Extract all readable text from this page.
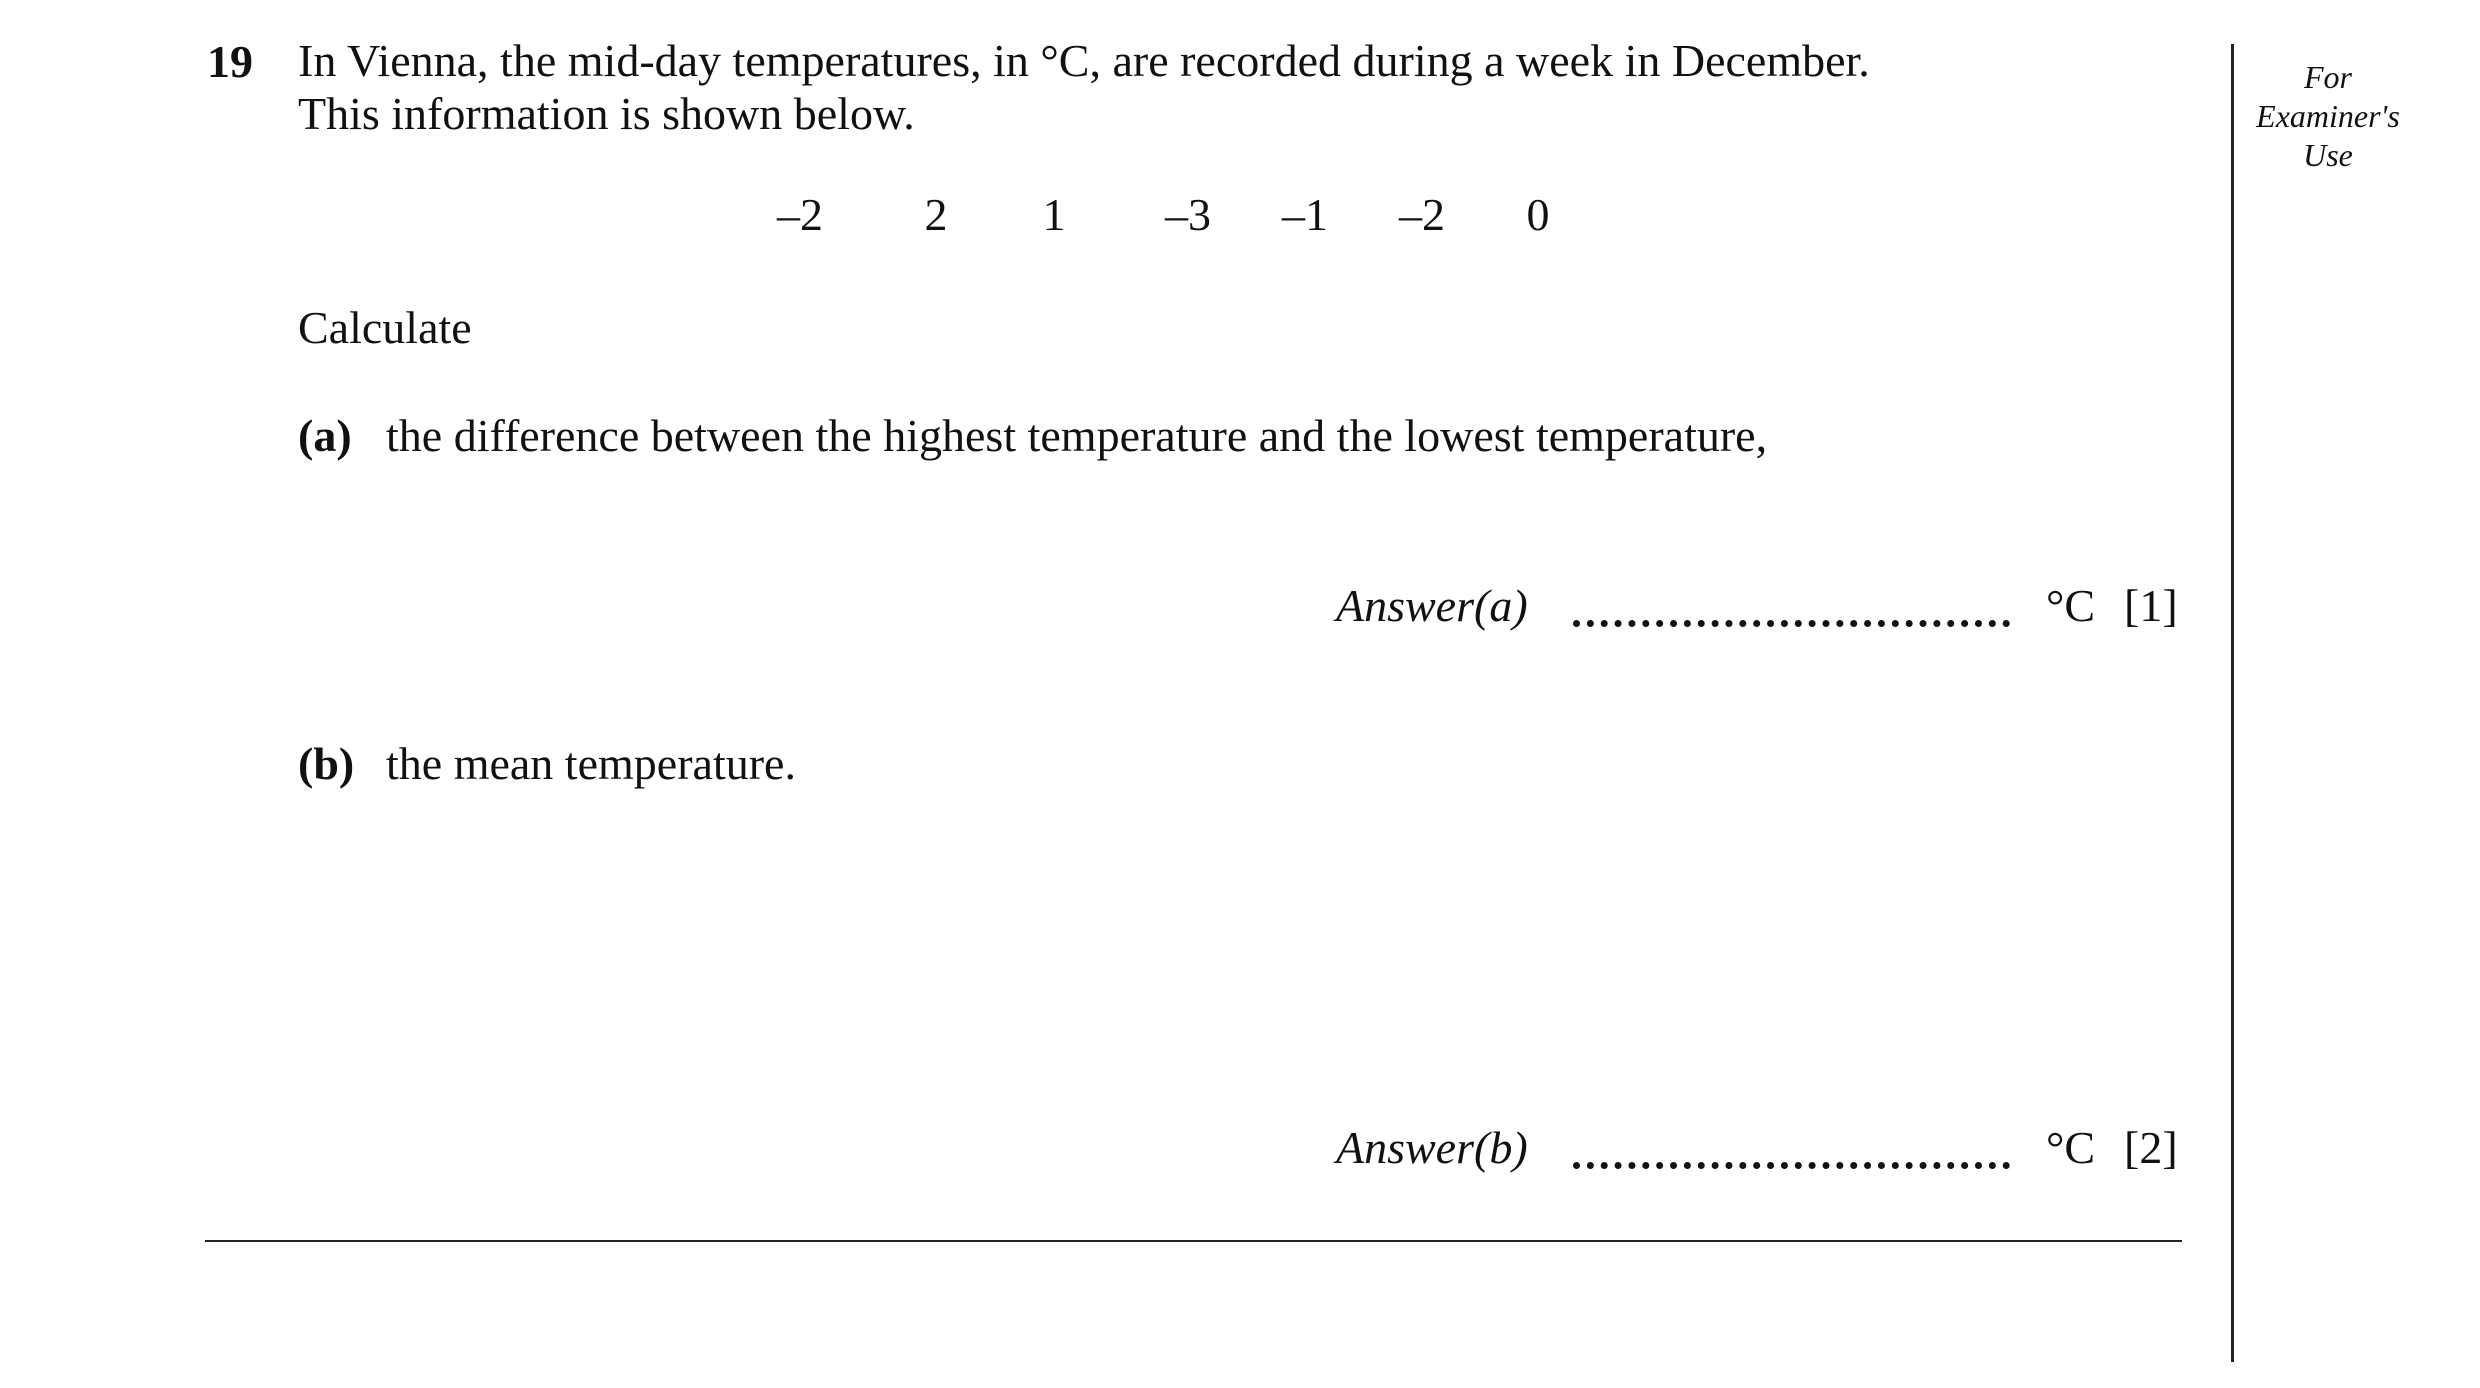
19 In Vienna, the mid-day temperatures, in °C, are recorded during a week in December.
This information is shown below.
–2 2 1 –3 –1 –2 0
Calculate
(a) the difference between the highest temperature and the lowest temperature,
Answer(a)	°C [1]
(b) the mean temperature.
Answer(b)	°C [2]
For
Examiner's
Use
